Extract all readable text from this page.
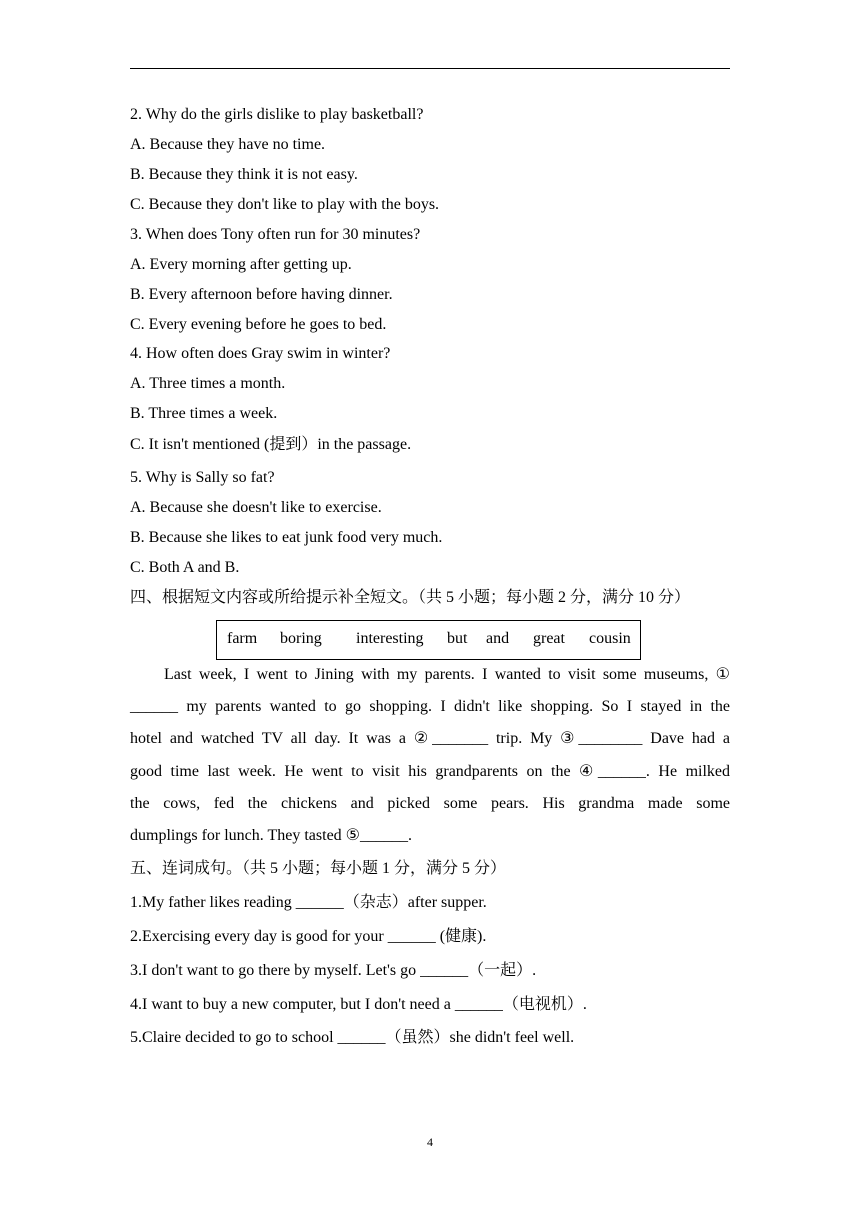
2. Why do the girls dislike to play basketball?
A. Because they have no time.
B. Because they think it is not easy.
C. Because they don't like to play with the boys.
3. When does Tony often run for 30 minutes?
A. Every morning after getting up.
B. Every afternoon before having dinner.
C. Every evening before he goes to bed.
4. How often does Gray swim in winter?
A. Three times a month.
B. Three times a week.
C. It isn't mentioned (提到）in the passage.
5. Why is Sally so fat?
A. Because she doesn't like to exercise.
B. Because she likes to eat junk food very much.
C. Both A and B.
四、根据短文内容或所给提示补全短文。（共 5 小题；每小题 2 分，满分 10 分）
farm boring interesting but and great cousin
Last week, I went to Jining with my parents. I wanted to visit some museums, ①
______ my parents wanted to go shopping. I didn't like shopping. So I stayed in the
hotel and watched TV all day. It was a ②_______ trip. My ③________ Dave had a
good time last week. He went to visit his grandparents on the ④______. He milked
the cows, fed the chickens and picked some pears. His grandma made some
dumplings for lunch. They tasted ⑤______.
五、连词成句。（共 5 小题；每小题 1 分，满分 5 分）
1.My father likes reading ______（杂志）after supper.
2.Exercising every day is good for your ______ (健康).
3.I don't want to go there by myself. Let's go ______（一起）.
4.I want to buy a new computer, but I don't need a ______（电视机）.
5.Claire decided to go to school ______（虽然）she didn't feel well.
4
